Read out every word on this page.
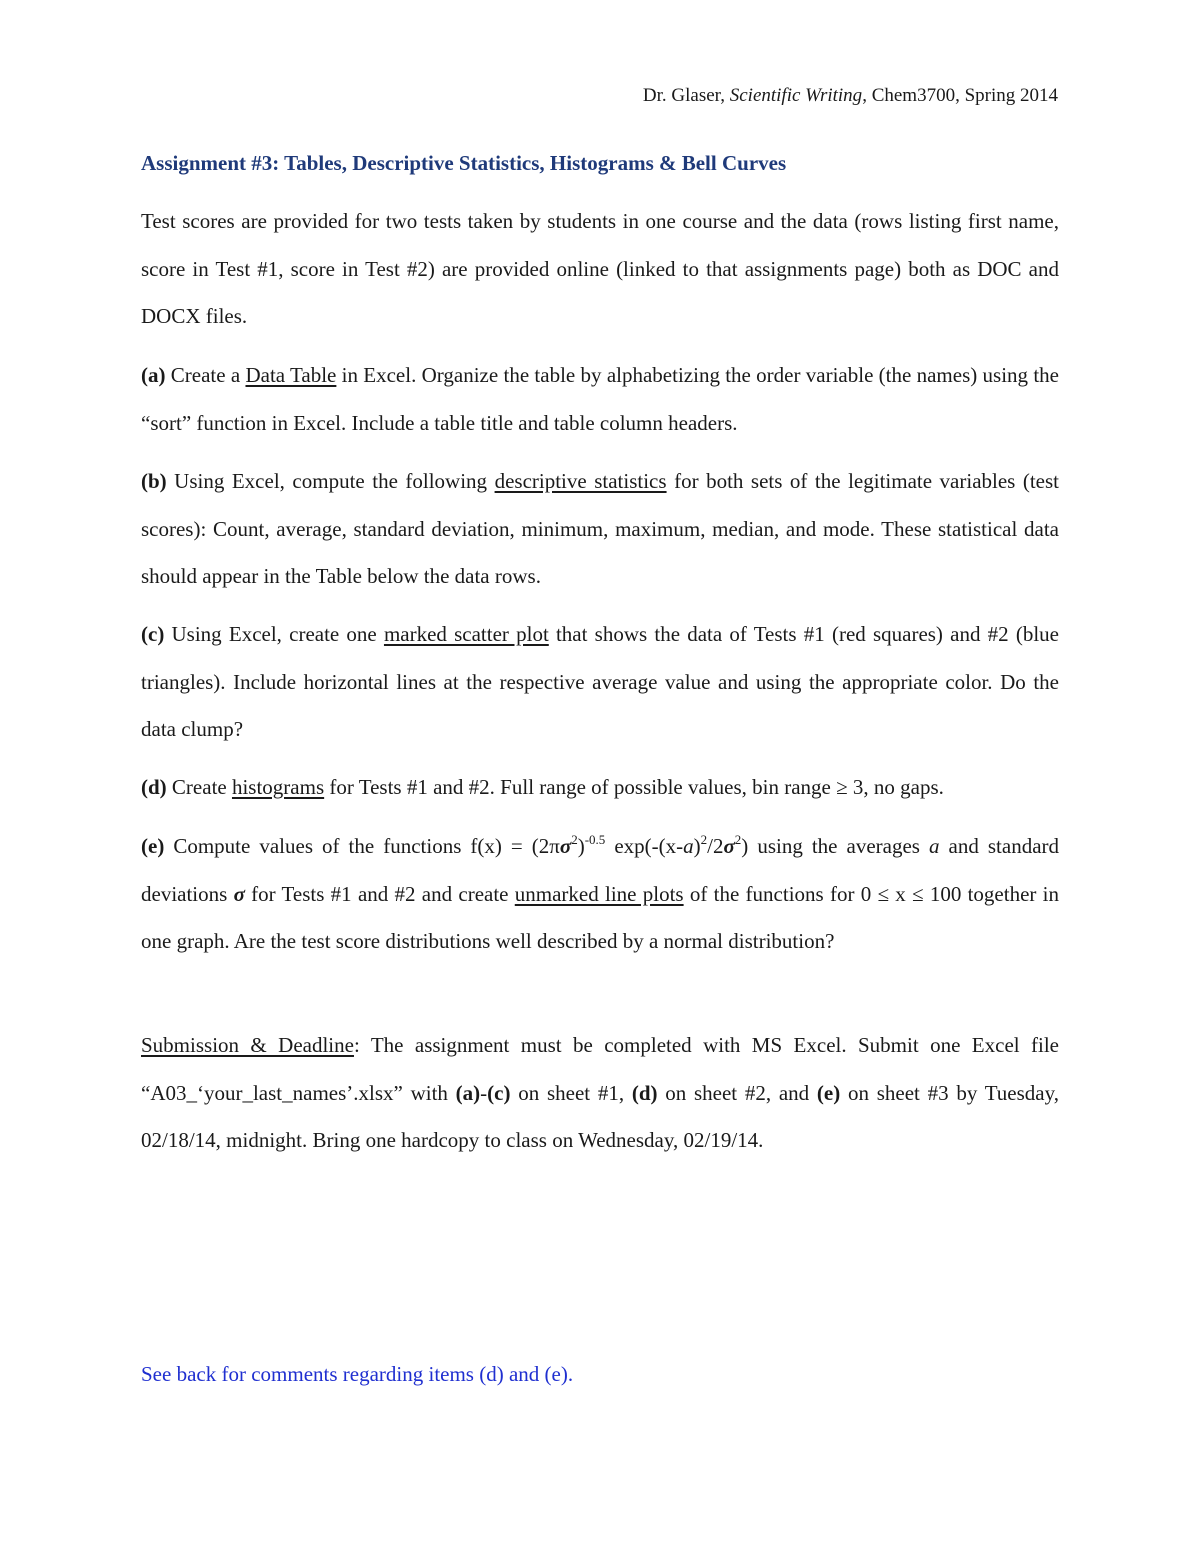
Dr. Glaser, Scientific Writing, Chem3700, Spring 2014
Assignment #3: Tables, Descriptive Statistics, Histograms & Bell Curves
Test scores are provided for two tests taken by students in one course and the data (rows listing first name, score in Test #1, score in Test #2) are provided online (linked to that assignments page) both as DOC and DOCX files.
(a) Create a Data Table in Excel. Organize the table by alphabetizing the order variable (the names) using the “sort” function in Excel. Include a table title and table column headers.
(b) Using Excel, compute the following descriptive statistics for both sets of the legitimate variables (test scores): Count, average, standard deviation, minimum, maximum, median, and mode. These statistical data should appear in the Table below the data rows.
(c) Using Excel, create one marked scatter plot that shows the data of Tests #1 (red squares) and #2 (blue triangles). Include horizontal lines at the respective average value and using the appropriate color. Do the data clump?
(d) Create histograms for Tests #1 and #2. Full range of possible values, bin range ≥ 3, no gaps.
(e) Compute values of the functions $f(x) = (2\pi\sigma^2)^{-0.5}$ $\exp(-(x-a)^2/2\sigma^2)$ using the averages a and standard deviations σ for Tests #1 and #2 and create unmarked line plots of the functions for 0 ≤ x ≤ 100 together in one graph. Are the test score distributions well described by a normal distribution?
Submission & Deadline: The assignment must be completed with MS Excel. Submit one Excel file “A03_‘your_last_names’.xlsx” with (a)-(c) on sheet #1, (d) on sheet #2, and (e) on sheet #3 by Tuesday, 02/18/14, midnight. Bring one hardcopy to class on Wednesday, 02/19/14.
See back for comments regarding items (d) and (e).
